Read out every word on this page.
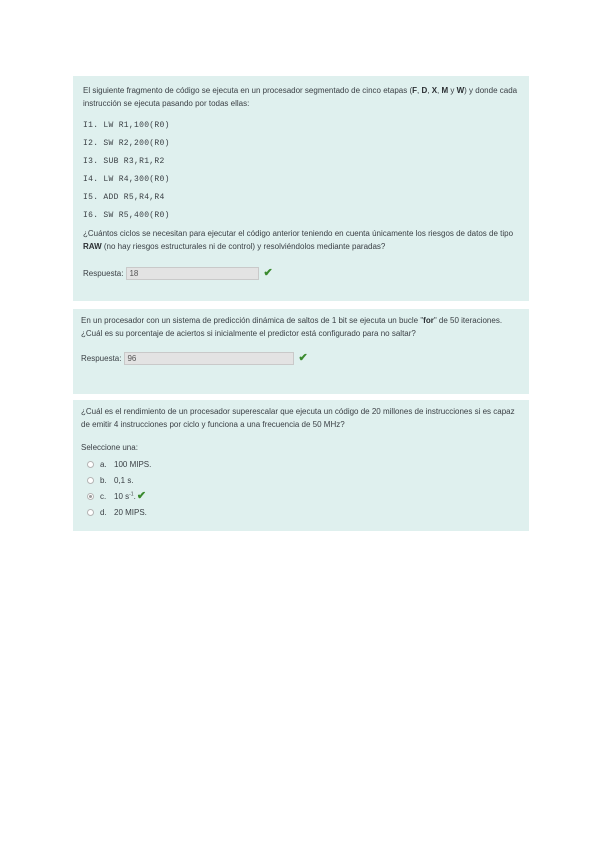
El siguiente fragmento de código se ejecuta en un procesador segmentado de cinco etapas (F, D, X, M y W) y donde cada instrucción se ejecuta pasando por todas ellas:

I1. LW R1,100(R0)
I2. SW R2,200(R0)
I3. SUB R3,R1,R2
I4. LW R4,300(R0)
I5. ADD R5,R4,R4
I6. SW R5,400(R0)

¿Cuántos ciclos se necesitan para ejecutar el código anterior teniendo en cuenta únicamente los riesgos de datos de tipo RAW (no hay riesgos estructurales ni de control) y resolviéndolos mediante paradas?

Respuesta: 18	✔

En un procesador con un sistema de predicción dinámica de saltos de 1 bit se ejecuta un bucle "for" de 50 iteraciones.

¿Cuál es su porcentaje de aciertos si inicialmente el predictor está configurado para no saltar?

Respuesta: 96	✔

¿Cuál es el rendimiento de un procesador superescalar que ejecuta un código de 20 millones de instrucciones si es capaz de emitir 4 instrucciones por ciclo y funciona a una frecuencia de 50 MHz?

Seleccione una:
a. 100 MIPS.
b. 0,1 s.
c. 10 $s^{-1}$. ✔
d. 20 MIPS.
